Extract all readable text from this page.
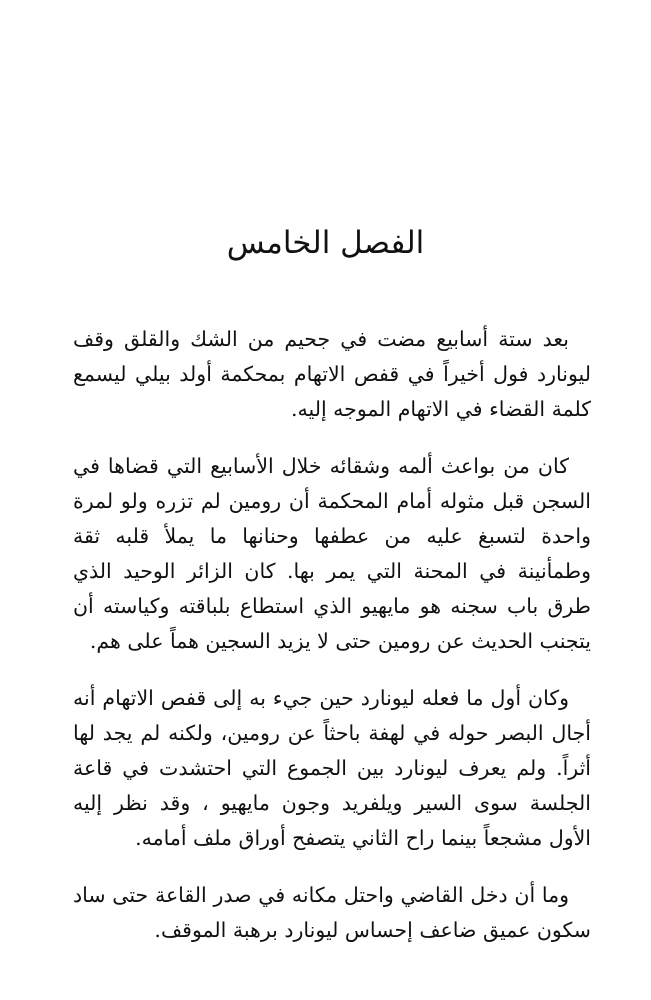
الفصل الخامس

بعد ستة أسابيع مضت في جحيم من الشك والقلق وقف ليونارد فول أخيراً في قفص الاتهام بمحكمة أولد بيلي ليسمع كلمة القضاء في الاتهام الموجه إليه.

كان من بواعث ألمه وشقائه خلال الأسابيع التي قضاها في السجن قبل مثوله أمام المحكمة أن رومين لم تزره ولو لمرة واحدة لتسبغ عليه من عطفها وحنانها ما يملأ قلبه ثقة وطمأنينة في المحنة التي يمر بها. كان الزائر الوحيد الذي طرق باب سجنه هو مايهيو الذي استطاع بلباقته وكياسته أن يتجنب الحديث عن رومين حتى لا يزيد السجين هماً على هم.

وكان أول ما فعله ليونارد حين جيء به إلى قفص الاتهام أنه أجال البصر حوله في لهفة باحثاً عن رومين، ولكنه لم يجد لها أثراً. ولم يعرف ليونارد بين الجموع التي احتشدت في قاعة الجلسة سوى السير ويلفريد وجون مايهيو ، وقد نظر إليه الأول مشجعاً بينما راح الثاني يتصفح أوراق ملف أمامه.

وما أن دخل القاضي واحتل مكانه في صدر القاعة حتى ساد سكون عميق ضاعف إحساس ليونارد برهبة الموقف.
